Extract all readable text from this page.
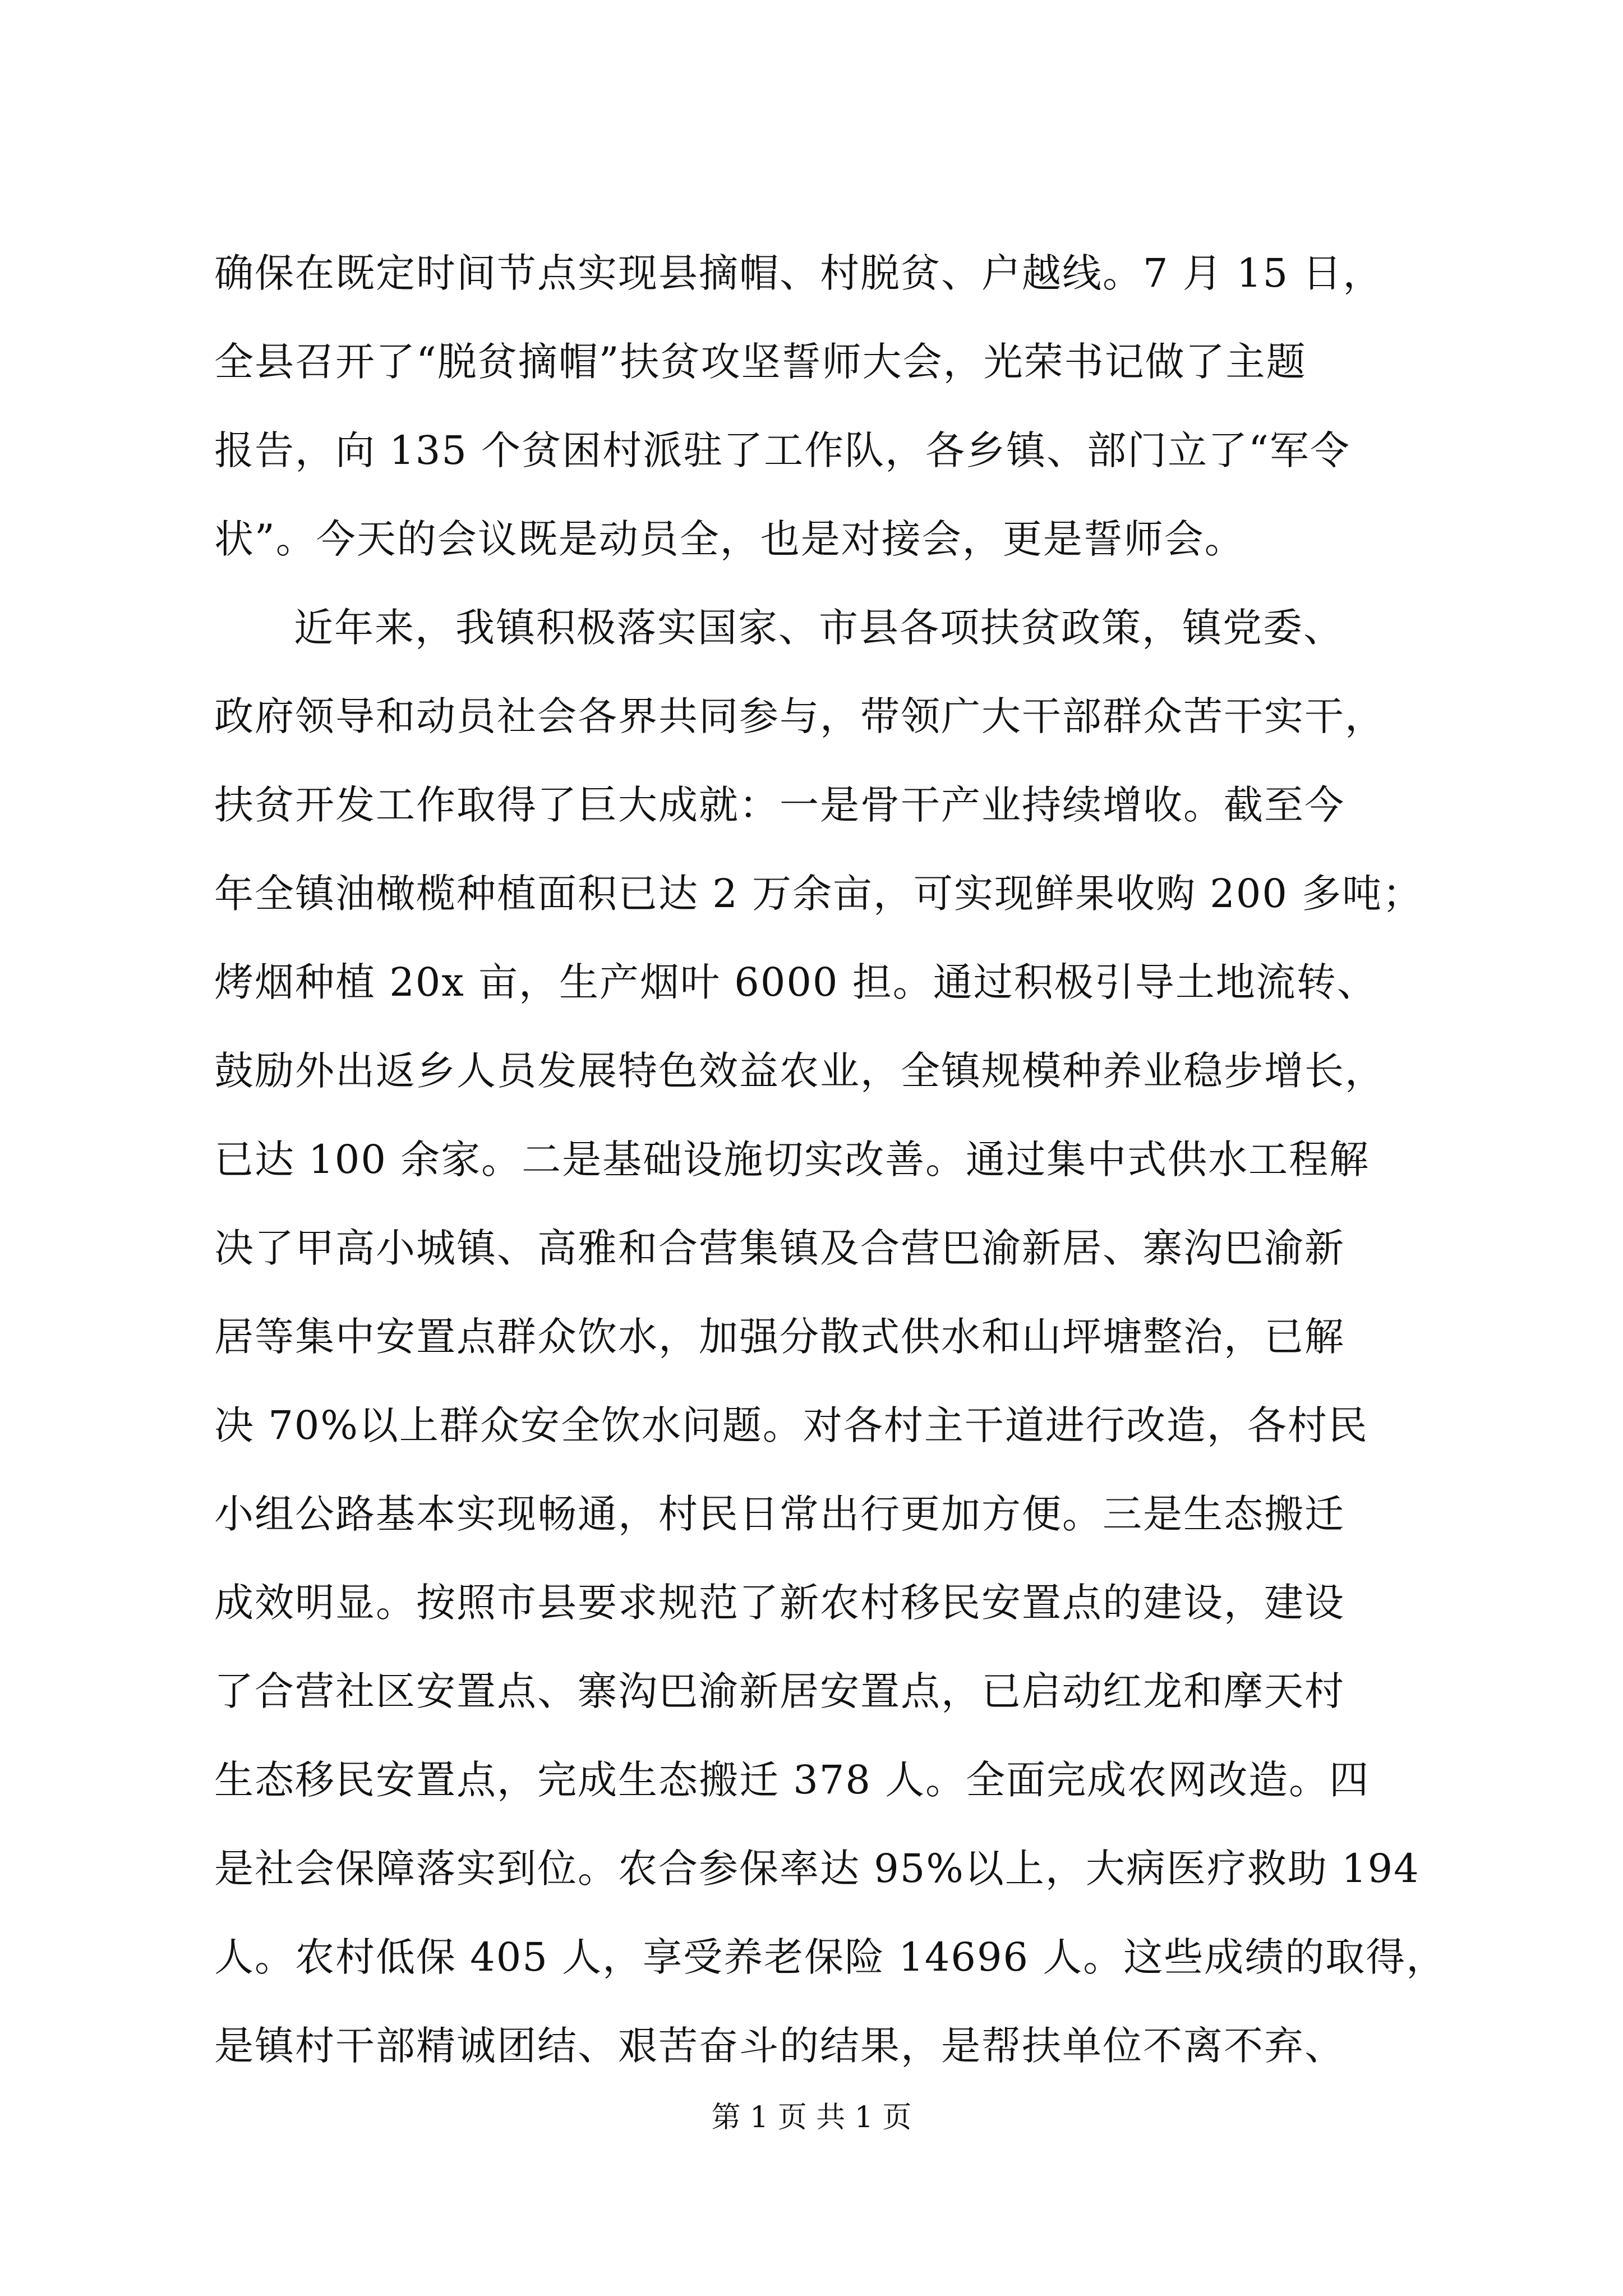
确保在既定时间节点实现县摘帽、村脱贫、户越线。7 月 15 日，
全县召开了“脱贫摘帽”扶贫攻坚誓师大会，光荣书记做了主题
报告，向 135 个贫困村派驻了工作队，各乡镇、部门立了“军令
状”。今天的会议既是动员全，也是对接会，更是誓师会。
近年来，我镇积极落实国家、市县各项扶贫政策，镇党委、
政府领导和动员社会各界共同参与，带领广大干部群众苦干实干，
扶贫开发工作取得了巨大成就：一是骨干产业持续增收。截至今
年全镇油橄榄种植面积已达 2 万余亩，可实现鲜果收购 200 多吨；
烤烟种植 20x 亩，生产烟叶 6000 担。通过积极引导土地流转、
鼓励外出返乡人员发展特色效益农业，全镇规模种养业稳步增长，
已达 100 余家。二是基础设施切实改善。通过集中式供水工程解
决了甲高小城镇、高雅和合营集镇及合营巴渝新居、寨沟巴渝新
居等集中安置点群众饮水，加强分散式供水和山坪塘整治，已解
决 70%以上群众安全饮水问题。对各村主干道进行改造，各村民
小组公路基本实现畅通，村民日常出行更加方便。三是生态搬迁
成效明显。按照市县要求规范了新农村移民安置点的建设，建设
了合营社区安置点、寨沟巴渝新居安置点，已启动红龙和摩天村
生态移民安置点，完成生态搬迁 378 人。全面完成农网改造。四
是社会保障落实到位。农合参保率达 95%以上，大病医疗救助 194
人。农村低保 405 人，享受养老保险 14696 人。这些成绩的取得，
是镇村干部精诚团结、艰苦奋斗的结果，是帮扶单位不离不弃、
第 1 页 共 1 页
